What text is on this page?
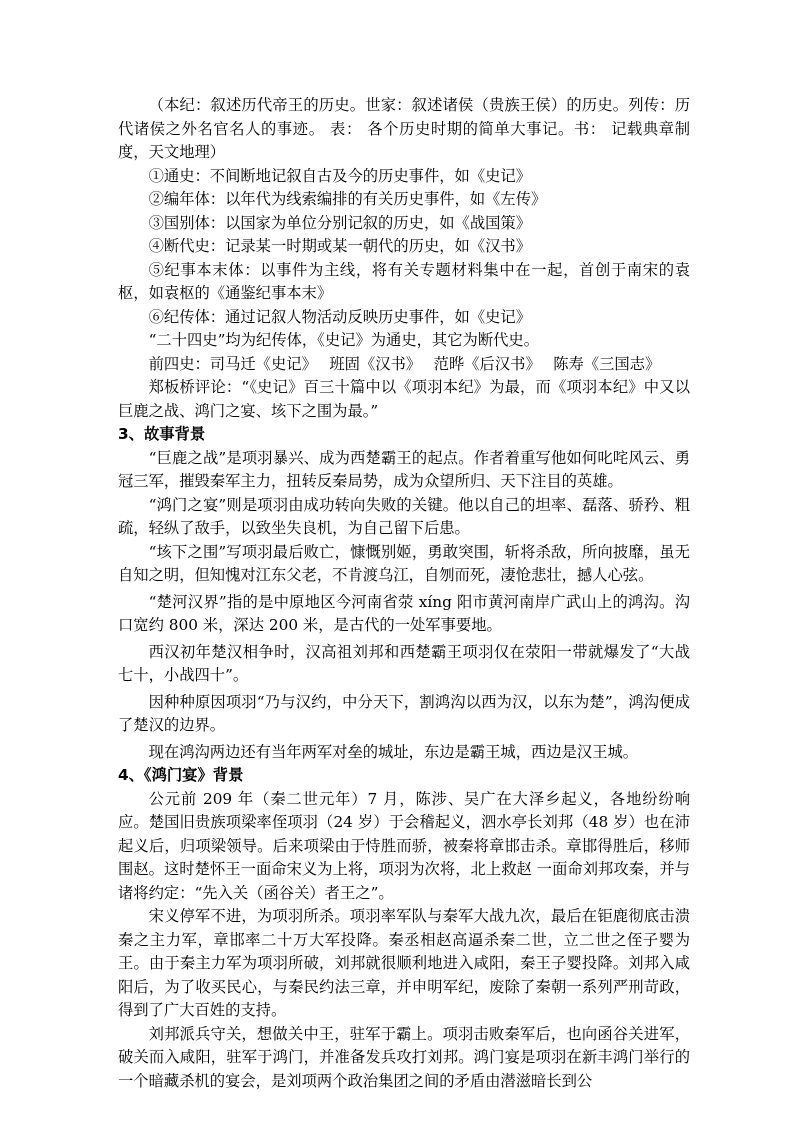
（本纪：叙述历代帝王的历史。世家：叙述诸侯（贵族王侯）的历史。列传：历代诸侯之外名官名人的事迹。 表： 各个历史时期的简单大事记。书： 记载典章制度，天文地理）

①通史：不间断地记叙自古及今的历史事件，如《史记》

②编年体：以年代为线索编排的有关历史事件，如《左传》

③国别体：以国家为单位分别记叙的历史，如《战国策》

④断代史：记录某一时期或某一朝代的历史，如《汉书》

⑤纪事本末体：以事件为主线，将有关专题材料集中在一起，首创于南宋的袁枢，如袁枢的《通鉴纪事本末》

⑥纪传体：通过记叙人物活动反映历史事件，如《史记》

“二十四史”均为纪传体，《史记》为通史，其它为断代史。

前四史：司马迁《史记》　 班固《汉书》　 范晔《后汉书》　 陈寿《三国志》

郑板桥评论：“《史记》百三十篇中以《项羽本纪》为最，而《项羽本纪》中又以巨鹿之战、鸿门之宴、垓下之围为最。”

3、故事背景

“巨鹿之战”是项羽暴兴、成为西楚霸王的起点。作者着重写他如何叱咤风云、勇冠三军，摧毁秦军主力，扭转反秦局势，成为众望所归、天下注目的英雄。

“鸿门之宴”则是项羽由成功转向失败的关键。他以自己的坦率、磊落、骄矜、粗疏，轻纵了敌手，以致坐失良机，为自己留下后患。

“垓下之围”写项羽最后败亡，慷慨别姬，勇敢突围，斩将杀敌，所向披靡，虽无自知之明，但知愧对江东父老，不肯渡乌江，自刎而死，凄怆悲壮，撼人心弦。

“楚河汉界”指的是中原地区今河南省荥 xíng 阳市黄河南岸广武山上的鸿沟。沟口宽约 800 米，深达 200 米，是古代的一处军事要地。

西汉初年楚汉相争时，汉高祖刘邦和西楚霸王项羽仅在荥阳一带就爆发了“大战七十，小战四十”。

因种种原因项羽“乃与汉约，中分天下，割鸿沟以西为汉，以东为楚”，鸿沟便成了楚汉的边界。

现在鸿沟两边还有当年两军对垒的城址，东边是霸王城，西边是汉王城。

4、《鸿门宴》背景

公元前 209 年（秦二世元年）7 月，陈涉、吴广在大泽乡起义，各地纷纷响应。楚国旧贵族项梁率侄项羽（24 岁）于会稽起义，泗水亭长刘邦（48 岁）也在沛起义后，归项梁领导。后来项梁由于恃胜而骄，被秦将章邯击杀。章邯得胜后，移师围赵。这时楚怀王一面命宋义为上将，项羽为次将，北上救赵 一面命刘邦攻秦，并与诸将约定：“先入关（函谷关）者王之”。

宋义停军不进，为项羽所杀。项羽率军队与秦军大战九次，最后在钜鹿彻底击溃秦之主力军，章邯率二十万大军投降。秦丞相赵高逼杀秦二世，立二世之侄子婴为王。由于秦主力军为项羽所破，刘邦就很顺利地进入咸阳，秦王子婴投降。刘邦入咸阳后，为了收买民心，与秦民约法三章，并申明军纪，废除了秦朝一系列严刑苛政，得到了广大百姓的支持。

刘邦派兵守关，想做关中王，驻军于霸上。项羽击败秦军后，也向函谷关进军，破关而入咸阳，驻军于鸿门，并准备发兵攻打刘邦。鸿门宴是项羽在新丰鸿门举行的一个暗藏杀机的宴会，是刘项两个政治集团之间的矛盾由潜滋暗长到公
